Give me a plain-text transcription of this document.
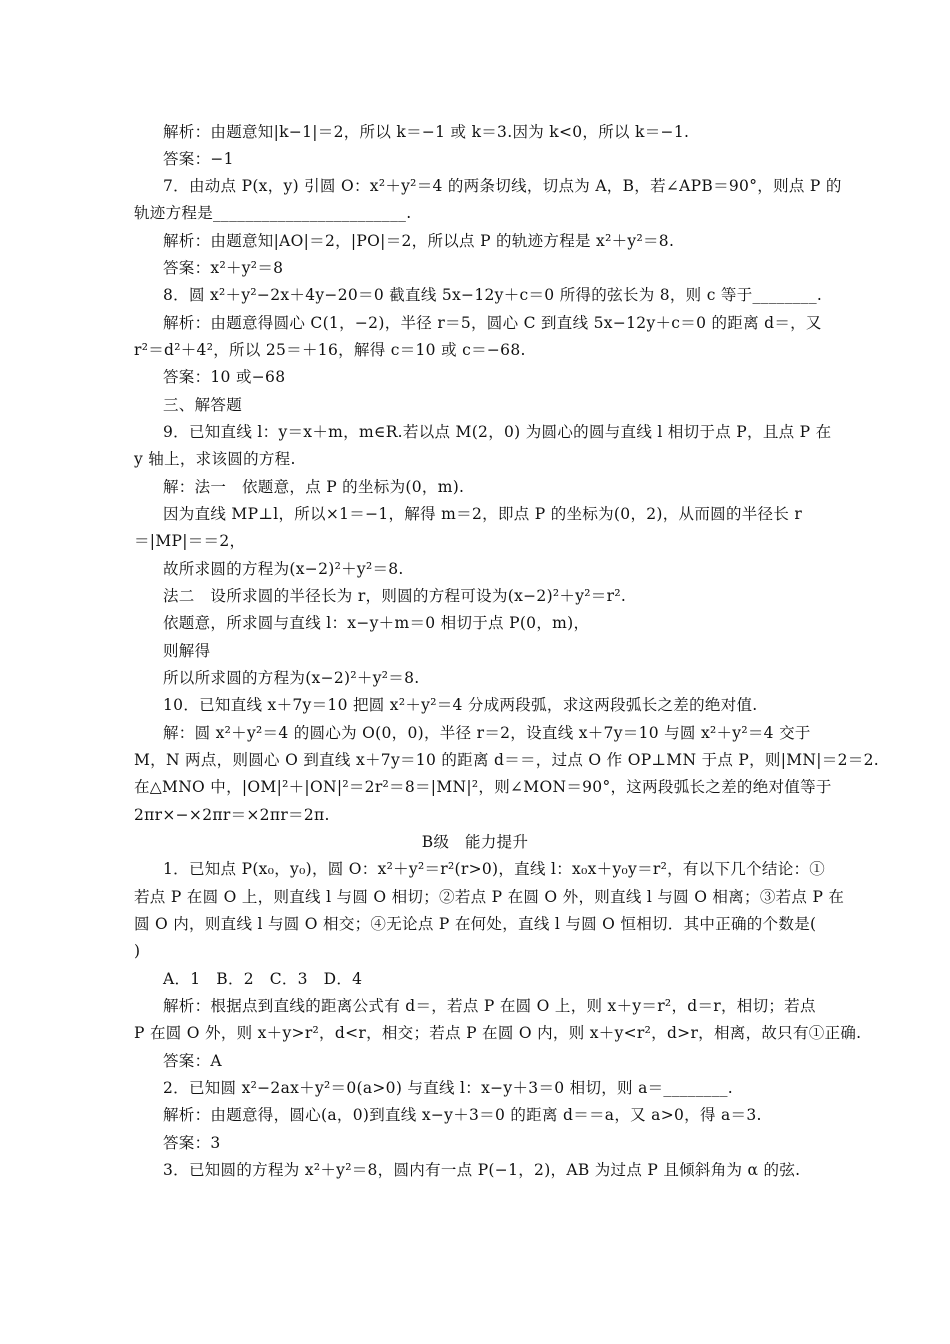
解析：由题意知|k−1|＝2，所以 k＝−1 或 k＝3.因为 k<0，所以 k＝−1.
答案：−1
7．由动点 P(x，y) 引圆 O：x²＋y²＝4 的两条切线，切点为 A，B，若∠APB＝90°，则点 P 的
轨迹方程是________________________.
解析：由题意知|AO|＝2，|PO|＝2，所以点 P 的轨迹方程是 x²＋y²＝8.
答案：x²＋y²＝8
8．圆 x²＋y²−2x＋4y−20＝0 截直线 5x−12y＋c＝0 所得的弦长为 8，则 c 等于________.
解析：由题意得圆心 C(1，−2)，半径 r＝5，圆心 C 到直线 5x−12y＋c＝0 的距离 d＝，又
r²＝d²＋4²，所以 25＝＋16，解得 c＝10 或 c＝−68.
答案：10 或−68
三、解答题
9．已知直线 l：y＝x＋m，m∈R.若以点 M(2，0) 为圆心的圆与直线 l 相切于点 P，且点 P 在
y 轴上，求该圆的方程.
解：法一　依题意，点 P 的坐标为(0，m).
因为直线 MP⊥l，所以×1＝−1，解得 m＝2，即点 P 的坐标为(0，2)，从而圆的半径长 r
＝|MP|＝＝2，
故所求圆的方程为(x−2)²＋y²＝8.
法二　设所求圆的半径长为 r，则圆的方程可设为(x−2)²＋y²＝r².
依题意，所求圆与直线 l：x−y＋m＝0 相切于点 P(0，m)，
则解得
所以所求圆的方程为(x−2)²＋y²＝8.
10．已知直线 x＋7y＝10 把圆 x²＋y²＝4 分成两段弧，求这两段弧长之差的绝对值.
解：圆 x²＋y²＝4 的圆心为 O(0，0)，半径 r＝2，设直线 x＋7y＝10 与圆 x²＋y²＝4 交于
M，N 两点，则圆心 O 到直线 x＋7y＝10 的距离 d＝＝，过点 O 作 OP⊥MN 于点 P，则|MN|＝2＝2.
在△MNO 中，|OM|²＋|ON|²＝2r²＝8＝|MN|²，则∠MON＝90°，这两段弧长之差的绝对值等于
2πr×−×2πr＝×2πr＝2π.
B级　能力提升
1．已知点 P(x₀，y₀)，圆 O：x²＋y²＝r²(r>0)，直线 l：x₀x＋y₀y＝r²，有以下几个结论：①
若点 P 在圆 O 上，则直线 l 与圆 O 相切；②若点 P 在圆 O 外，则直线 l 与圆 O 相离；③若点 P 在
圆 O 内，则直线 l 与圆 O 相交；④无论点 P 在何处，直线 l 与圆 O 恒相切．其中正确的个数是(
)
A．1　B．2　C．3　D．4
解析：根据点到直线的距离公式有 d＝，若点 P 在圆 O 上，则 x＋y＝r²，d＝r，相切；若点
P 在圆 O 外，则 x＋y>r²，d<r，相交；若点 P 在圆 O 内，则 x＋y<r²，d>r，相离，故只有①正确.
答案：A
2．已知圆 x²−2ax＋y²＝0(a>0) 与直线 l：x−y＋3＝0 相切，则 a＝________.
解析：由题意得，圆心(a，0)到直线 x−y＋3＝0 的距离 d＝＝a，又 a>0，得 a＝3.
答案：3
3．已知圆的方程为 x²＋y²＝8，圆内有一点 P(−1，2)，AB 为过点 P 且倾斜角为 α 的弦.
